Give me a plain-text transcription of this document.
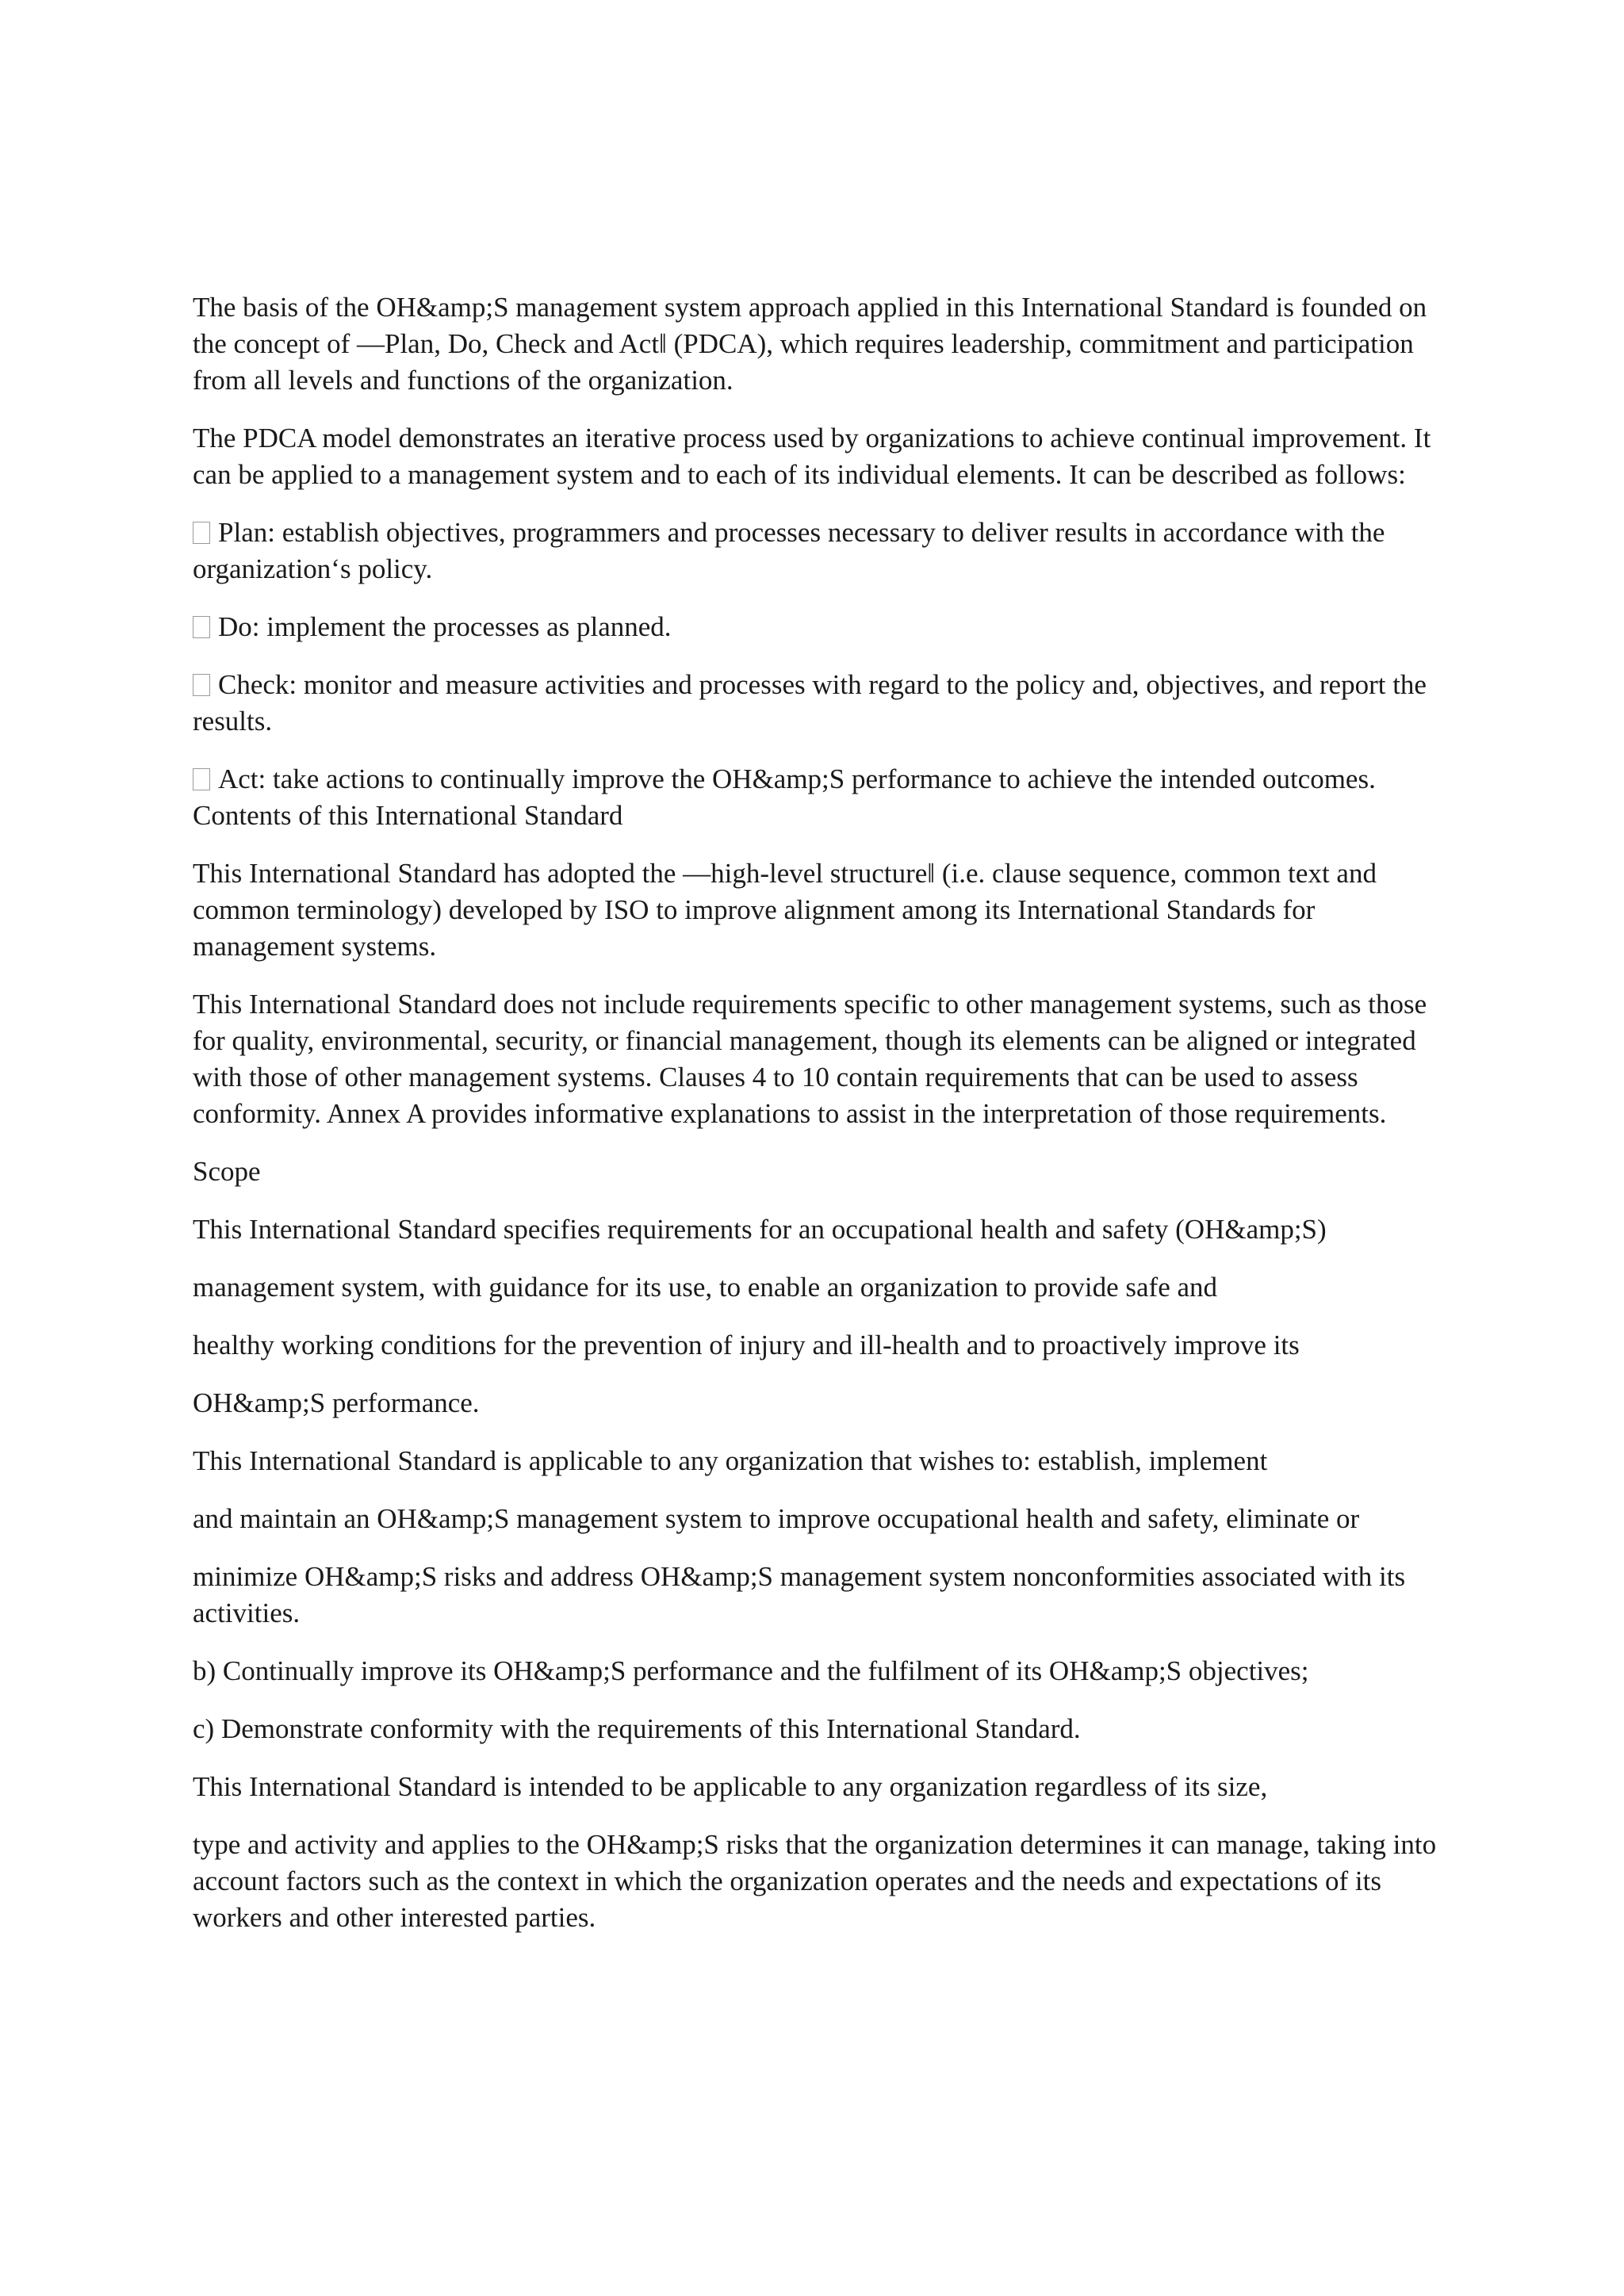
The basis of the OH&amp;S management system approach applied in this International Standard is founded on the concept of ―Plan, Do, Check and Act‖ (PDCA), which requires leadership, commitment and participation from all levels and functions of the organization.

The PDCA model demonstrates an iterative process used by organizations to achieve continual improvement. It can be applied to a management system and to each of its individual elements. It can be described as follows:

Plan: establish objectives, programmers and processes necessary to deliver results in accordance with the organization‘s policy.

Do: implement the processes as planned.

Check: monitor and measure activities and processes with regard to the policy and, objectives, and report the results.

Act: take actions to continually improve the OH&amp;S performance to achieve the intended outcomes. Contents of this International Standard

This International Standard has adopted the ―high-level structure‖ (i.e. clause sequence, common text and common terminology) developed by ISO to improve alignment among its International Standards for management systems.

This International Standard does not include requirements specific to other management systems, such as those for quality, environmental, security, or financial management, though its elements can be aligned or integrated with those of other management systems. Clauses 4 to 10 contain requirements that can be used to assess conformity. Annex A provides informative explanations to assist in the interpretation of those requirements.

Scope

This International Standard specifies requirements for an occupational health and safety (OH&amp;S)

management system, with guidance for its use, to enable an organization to provide safe and

healthy working conditions for the prevention of injury and ill-health and to proactively improve its

OH&amp;S performance.

This International Standard is applicable to any organization that wishes to: establish, implement

and maintain an OH&amp;S management system to improve occupational health and safety, eliminate or

minimize OH&amp;S risks and address OH&amp;S management system nonconformities associated with its activities.

b) Continually improve its OH&amp;S performance and the fulfilment of its OH&amp;S objectives;

c) Demonstrate conformity with the requirements of this International Standard.

This International Standard is intended to be applicable to any organization regardless of its size,

type and activity and applies to the OH&amp;S risks that the organization determines it can manage, taking into account factors such as the context in which the organization operates and the needs and expectations of its workers and other interested parties.
